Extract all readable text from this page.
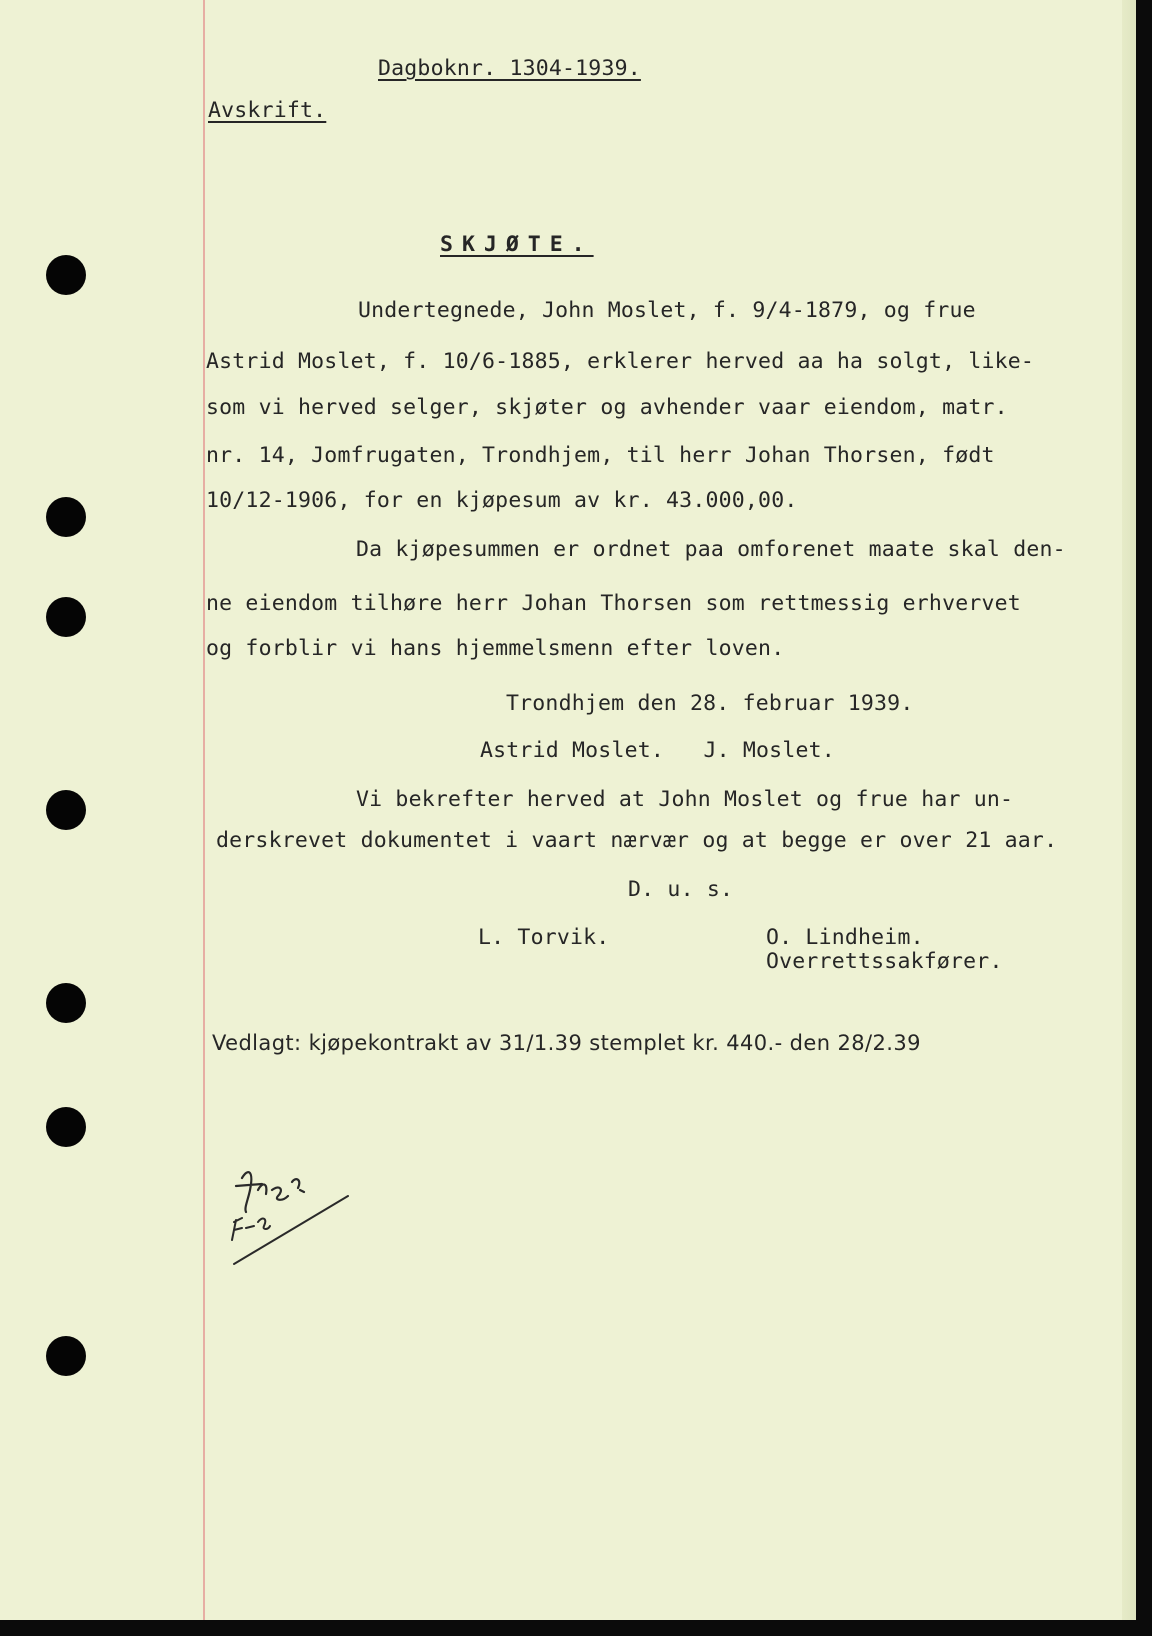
Dagboknr. 1304-1939.
Avskrift.
SKJØTE.
Undertegnede, John Moslet, f. 9/4-1879, og frue
Astrid Moslet, f. 10/6-1885, erklerer herved aa ha solgt, like-
som vi herved selger, skjøter og avhender vaar eiendom, matr.
nr. 14, Jomfrugaten, Trondhjem, til herr Johan Thorsen, født
10/12-1906, for en kjøpesum av kr. 43.000,00.
Da kjøpesummen er ordnet paa omforenet maate skal den-
ne eiendom tilhøre herr Johan Thorsen som rettmessig erhvervet
og forblir vi hans hjemmelsmenn efter loven.
Trondhjem den 28. februar 1939.
Astrid Moslet.   J. Moslet.
Vi bekrefter herved at John Moslet og frue har un-
derskrevet dokumentet i vaart nærvær og at begge er over 21 aar.
D. u. s.
L. Torvik.	O. Lindheim.
Overrettssakfører.
Vedlagt: kjøpekontrakt av 31/1.39 stemplet kr. 440.- den 28/2.39
